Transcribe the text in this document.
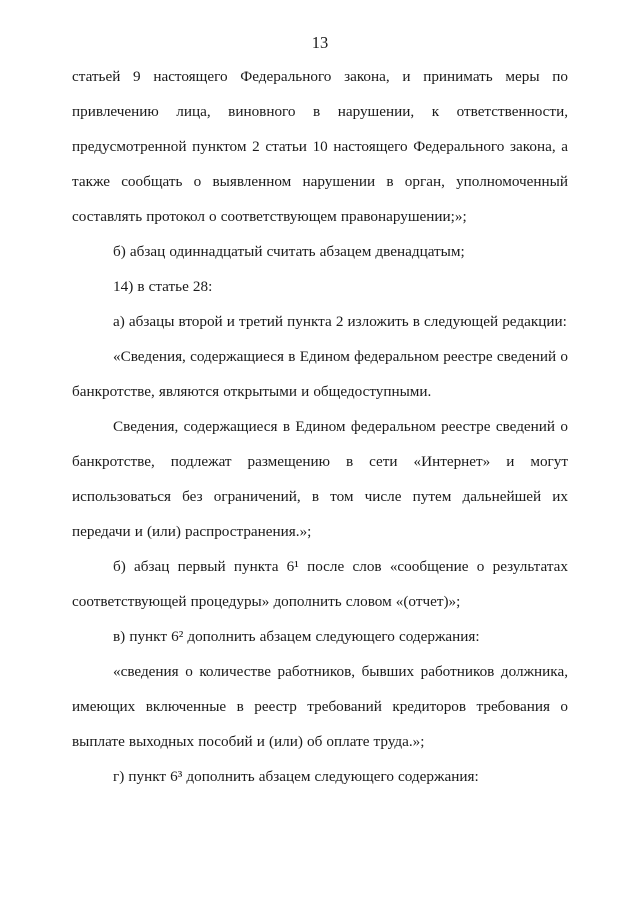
13
статьей 9 настоящего Федерального закона, и принимать меры по
привлечению лица, виновного в нарушении, к ответственности,
предусмотренной пунктом 2 статьи 10 настоящего Федерального закона, а
также сообщать о выявленном нарушении в орган, уполномоченный
составлять протокол о соответствующем правонарушении;»;
б) абзац одиннадцатый считать абзацем двенадцатым;
14) в статье 28:
а) абзацы второй и третий пункта 2 изложить в следующей редакции:
«Сведения, содержащиеся в Едином федеральном реестре сведений о
банкротстве, являются открытыми и общедоступными.
Сведения, содержащиеся в Едином федеральном реестре сведений о
банкротстве, подлежат размещению в сети «Интернет» и могут
использоваться без ограничений, в том числе путем дальнейшей их
передачи и (или) распространения.»;
б) абзац первый пункта 6¹ после слов «сообщение о результатах
соответствующей процедуры» дополнить словом «(отчет)»;
в) пункт 6² дополнить абзацем следующего содержания:
«сведения о количестве работников, бывших работников должника,
имеющих включенные в реестр требований кредиторов требования о
выплате выходных пособий и (или) об оплате труда.»;
г) пункт 6³ дополнить абзацем следующего содержания:
